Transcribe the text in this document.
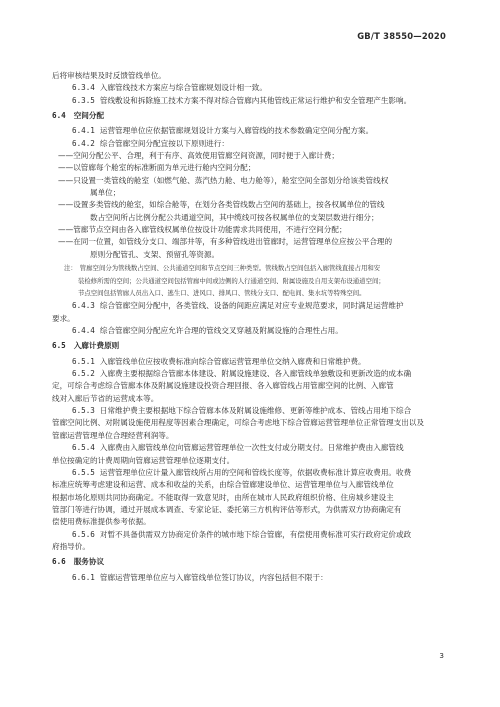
GB/T 38550—2020

后将审核结果及时反馈管线单位。

6.3.4 入廊管线技术方案应与综合管廊规划设计相一致。

6.3.5 管线敷设和拆除施工技术方案不得对综合管廊内其他管线正常运行维护和安全管理产生影响。

6.4 空间分配

6.4.1 运营管理单位应依据管廊规划设计方案与入廊管线的技术参数确定空间分配方案。

6.4.2 综合管廊空间分配宜按以下原则进行：

——空间分配公平、合理，利于有序、高效使用管廊空间资源，同时便于入廊计费；

——以管廊每个舱室的标准断面为单元进行舱内空间分配；

——只设置一类管线的舱室（如燃气舱、蒸汽热力舱、电力舱等），舱室空间全部划分给该类管线权

属单位；

——设置多类管线的舱室，如综合舱等，在划分各类管线数占空间的基础上，按各权属单位的管线

数占空间所占比例分配公共通道空间，其中缆线可按各权属单位的支架层数进行细分；

——管廊节点空间由各入廊管线权属单位按设计功能需求共同使用，不进行空间分配；

——在同一位置，如管线分支口、端部井等，有多种管线进出管廊时，运营管理单位应按公平合理的

原则分配管孔、支架、预留孔等资源。

注： 管廊空间分为管线数占空间、公共通道空间和节点空间三种类型。管线数占空间包括入廊管线直接占用和安

装检修所需的空间；公共通道空间包括管廊中间或边侧的人行通道空间、附属设施及自用支架布设通道空间；

节点空间包括管廊人员出入口、逃生口、进风口、排风口、管线分支口、配电间、集水坑等特殊空间。

6.4.3 综合管廊空间分配中，各类管线、设备的间距应满足对应专业规范要求，同时满足运营维护

要求。

6.4.4 综合管廊空间分配应允许合理的管线交叉穿越及附属设施的合理性占用。

6.5 入廊计费原则

6.5.1 入廊管线单位应按收费标准向综合管廊运营管理单位交纳入廊费和日常维护费。

6.5.2 入廊费主要根据综合管廊本体建设、附属设施建设、各入廊管线单独敷设和更新改造的成本确

定，可综合考虑综合管廊本体及附属设施建设投资合理回报、各入廊管线占用管廊空间的比例、入廊管

线对入廊后节省的运营成本等。

6.5.3 日常维护费主要根据地下综合管廊本体及附属设施维修、更新等维护成本、管线占用地下综合

管廊空间比例、对附属设施使用程度等因素合理确定，可综合考虑地下综合管廊运营管理单位正常管理支出以及

管廊运营管理单位合理经营利润等。

6.5.4 入廊费由入廊管线单位向管廊运营管理单位一次性支付或分期支付。日常维护费由入廊管线

单位按确定的计费周期向管廊运营管理单位逐期支付。

6.5.5 运营管理单位应计量入廊管线所占用的空间和管线长度等，依据收费标准计算应收费用。收费

标准应统筹考虑建设和运营、成本和收益的关系，由综合管廊建设单位、运营管理单位与入廊管线单位

根据市场化原则共同协商确定。不能取得一致意见时，由所在城市人民政府组织价格、住房城乡建设主

管部门等进行协调，通过开展成本调查、专家论证、委托第三方机构评估等形式，为供需双方协商确定有

偿使用费标准提供参考依据。

6.5.6 对暂不具备供需双方协商定价条件的城市地下综合管廊，有偿使用费标准可实行政府定价或政

府指导价。

6.6 服务协议

6.6.1 管廊运营管理单位应与入廊管线单位签订协议，内容包括但不限于：

3
